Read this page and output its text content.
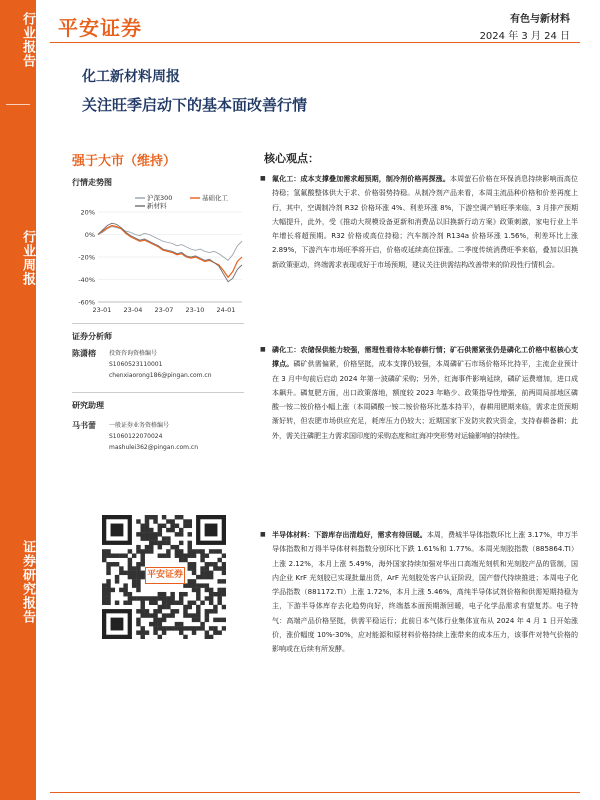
行业报告
行业周报
证券研究报告
平安证券	有色与新材料
2024 年 3 月 24 日
化工新材料周报
关注旺季启动下的基本面改善行情
强于大市（维持）
行情走势图
20%
0%
-20%
-40%
-60%
23-01 23-04 23-07 23-10 24-01
沪深300	基础化工
新材料
证券分析师
陈潇榕 投资咨询资格编号
S1060523110001
chenxiaorong186@pingan.com.cn
研究助理
马书蕾 一般证券业务资格编号
S1060122070024
mashulei362@pingan.com.cn
平安证券
核心观点：
■ 氟化工：成本支撑叠加需求超预期，制冷剂价格再探涨。本周萤石价格在环保消息持续影响而高位持稳；氢氟酸整体供大于求、价格弱势持稳。从制冷剂产品来看，本周主流品种价格和价差再度上行，其中，空调制冷剂 R32 价格环涨 4%、利差环涨 8%，下游空调产销旺季来临，3 月排产预期大幅提升，此外，受《推动大规模设备更新和消费品以旧换新行动方案》政策刺激，家电行业上半年增长将超预期。R32 价格或高位持稳；汽车制冷剂 R134a 价格环涨 1.56%，利差环比上涨 2.89%，下游汽车市场旺季将开启，价格或延续高位探涨。二季度传统消费旺季来临，叠加以旧换新政策驱动，终端需求表现或好于市场预期，建议关注供需结构改善带来的阶段性行情机会。
■ 磷化工：农储保供能力较强，需理性看待本轮春耕行情；矿石供需紧张仍是磷化工价格中枢核心支撑点。磷矿供需偏紧，价格坚挺，成本支撑仍较强，本周磷矿石市场价格环比持平，主流企业预计在 3 月中旬前后启动 2024 年第一波磷矿采购；另外，红海事件影响延续，磷矿运费增加，进口成本飙升。磷复肥方面，出口政策落地，额度较 2023 年略少、政策指导性增强，前两周局部地区磷酸一铵二铵价格小幅上涨（本周磷酸一铵二铵价格环比基本持平），春耕用肥期来临，需求走货预期渐好转，但农肥市场供应充足，耗库压力仍较大；近期国家下发防灾救灾资金，支持春耕备耕；此外，需关注磷肥主力需求国印度的采购态度和红海冲突形势对运输影响的持续性。
■ 半导体材料：下游库存出清趋好，需求有待回暖。本周，费城半导体指数环比上涨 3.17%，申万半导体指数和万得半导体材料指数分别环比下跌 1.61%和 1.77%。本周光刻胶指数（885864.TI）上涨 2.12%，本月上涨 5.49%，海外国家持续加强对华出口高端光刻机和光刻胶产品的管制，国内企业 KrF 光刻胶已实现批量出货，ArF 光刻胶处客户认证阶段，国产替代持续推进；本周电子化学品指数（881172.TI）上涨 1.72%，本月上涨 5.46%，高纯半导体试剂价格和供需短期持稳为主，下游半导体库存去化趋势向好，终端基本面预期渐回暖，电子化学品需求有望复苏。电子特气：高端产品价格坚挺，供需平稳运行；此前日本气体行业集体宣布从 2024 年 4 月 1 日开始涨价，涨价幅度 10%-30%，应对能源和原材料价格持续上涨带来的成本压力，该事件对特气价格的影响或在后续有所发酵。
